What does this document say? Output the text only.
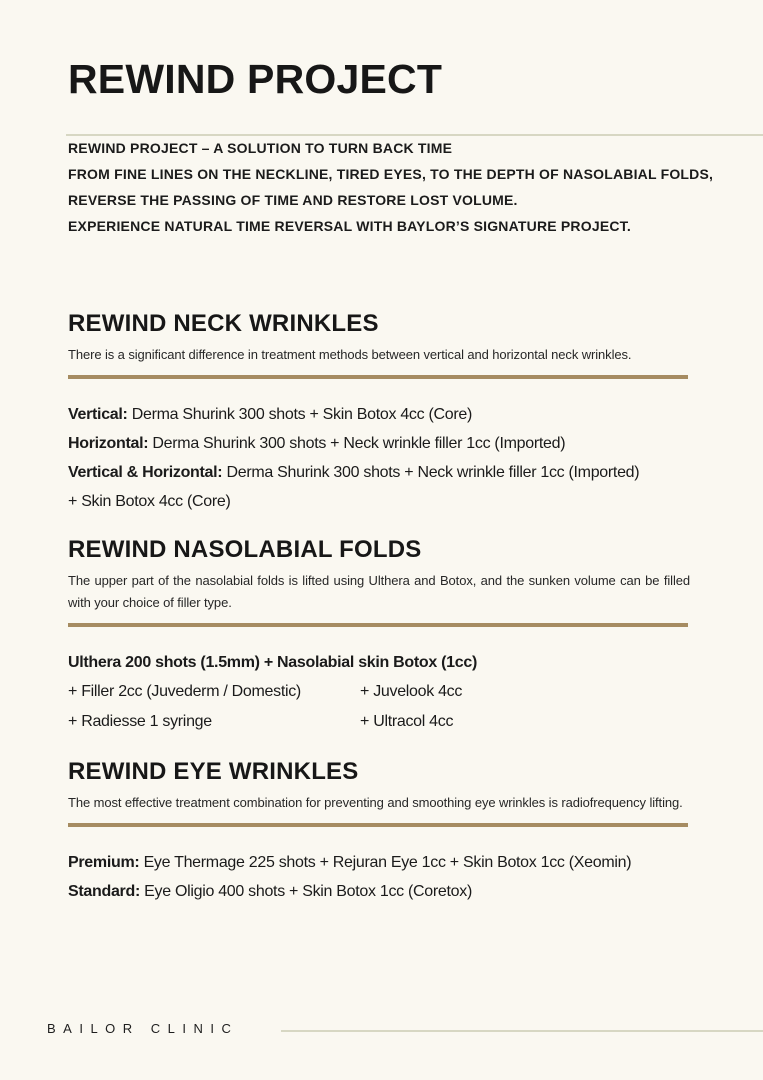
REWIND PROJECT

REWIND PROJECT – A SOLUTION TO TURN BACK TIME

FROM FINE LINES ON THE NECKLINE, TIRED EYES, TO THE DEPTH OF NASOLABIAL FOLDS,

REVERSE THE PASSING OF TIME AND RESTORE LOST VOLUME.

EXPERIENCE NATURAL TIME REVERSAL WITH BAYLOR’S SIGNATURE PROJECT.

REWIND NECK WRINKLES

There is a significant difference in treatment methods between vertical and horizontal neck wrinkles.

Vertical: Derma Shurink 300 shots + Skin Botox 4cc (Core)

Horizontal: Derma Shurink 300 shots + Neck wrinkle filler 1cc (Imported)

Vertical & Horizontal: Derma Shurink 300 shots + Neck wrinkle filler 1cc (Imported)

+ Skin Botox 4cc (Core)

REWIND NASOLABIAL FOLDS

The upper part of the nasolabial folds is lifted using Ulthera and Botox, and the sunken volume can be filled with your choice of filler type.

Ulthera 200 shots (1.5mm) + Nasolabial skin Botox (1cc)

+ Filler 2cc (Juvederm / Domestic)	+ Juvelook 4cc

+ Radiesse 1 syringe	+ Ultracol 4cc

REWIND EYE WRINKLES

The most effective treatment combination for preventing and smoothing eye wrinkles is radiofrequency lifting.

Premium: Eye Thermage 225 shots + Rejuran Eye 1cc + Skin Botox 1cc (Xeomin)

Standard: Eye Oligio 400 shots + Skin Botox 1cc (Coretox)

BAILOR CLINIC
